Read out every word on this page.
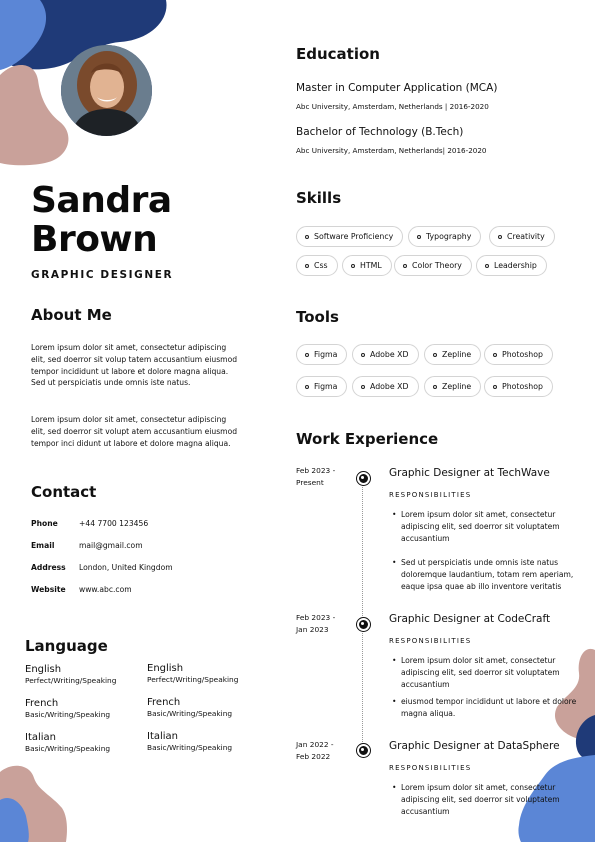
Sandra
Brown
GRAPHIC DESIGNER
About Me
Lorem ipsum dolor sit amet, consectetur adipiscing elit, sed doerror sit volup tatem accusantium eiusmod tempor incididunt ut labore et dolore magna aliqua. Sed ut perspiciatis unde omnis iste natus.
Lorem ipsum dolor sit amet, consectetur adipiscing elit, sed doerror sit volupt atem accusantium eiusmod tempor inci didunt ut labore et dolore magna aliqua.
Contact
Phone	+44 7700 123456
Email	mail@gmail.com
Address London, United Kingdom
Website www.abc.com
Language
English
Perfect/Writing/Speaking
English
Perfect/Writing/Speaking
French
Basic/Writing/Speaking
French
Basic/Writing/Speaking
Italian
Basic/Writing/Speaking
Italian
Basic/Writing/Speaking
Education
Master in Computer Application (MCA)
Abc University, Amsterdam, Netherlands | 2016-2020
Bachelor of Technology (B.Tech)
Abc University, Amsterdam, Netherlands| 2016-2020
Skills
Software Proficiency	Typography	Creativity
Css	HTML	Color Theory	Leadership
Tools
Figma	Adobe XD	Zepline	Photoshop
Figma	Adobe XD	Zepline	Photoshop
Work Experience
Feb 2023 -
Present
Graphic Designer at TechWave
RESPONSIBILITIES
• Lorem ipsum dolor sit amet, consectetur adipiscing elit, sed doerror sit voluptatem accusantium
• Sed ut perspiciatis unde omnis iste natus doloremque laudantium, totam rem aperiam, eaque ipsa quae ab illo inventore veritatis
Feb 2023 -
Jan 2023
Graphic Designer at CodeCraft
RESPONSIBILITIES
• Lorem ipsum dolor sit amet, consectetur adipiscing elit, sed doerror sit voluptatem accusantium
• eiusmod tempor incididunt ut labore et dolore magna aliqua.
Jan 2022 -
Feb 2022
Graphic Designer at DataSphere
RESPONSIBILITIES
• Lorem ipsum dolor sit amet, consectetur adipiscing elit, sed doerror sit voluptatem accusantium
